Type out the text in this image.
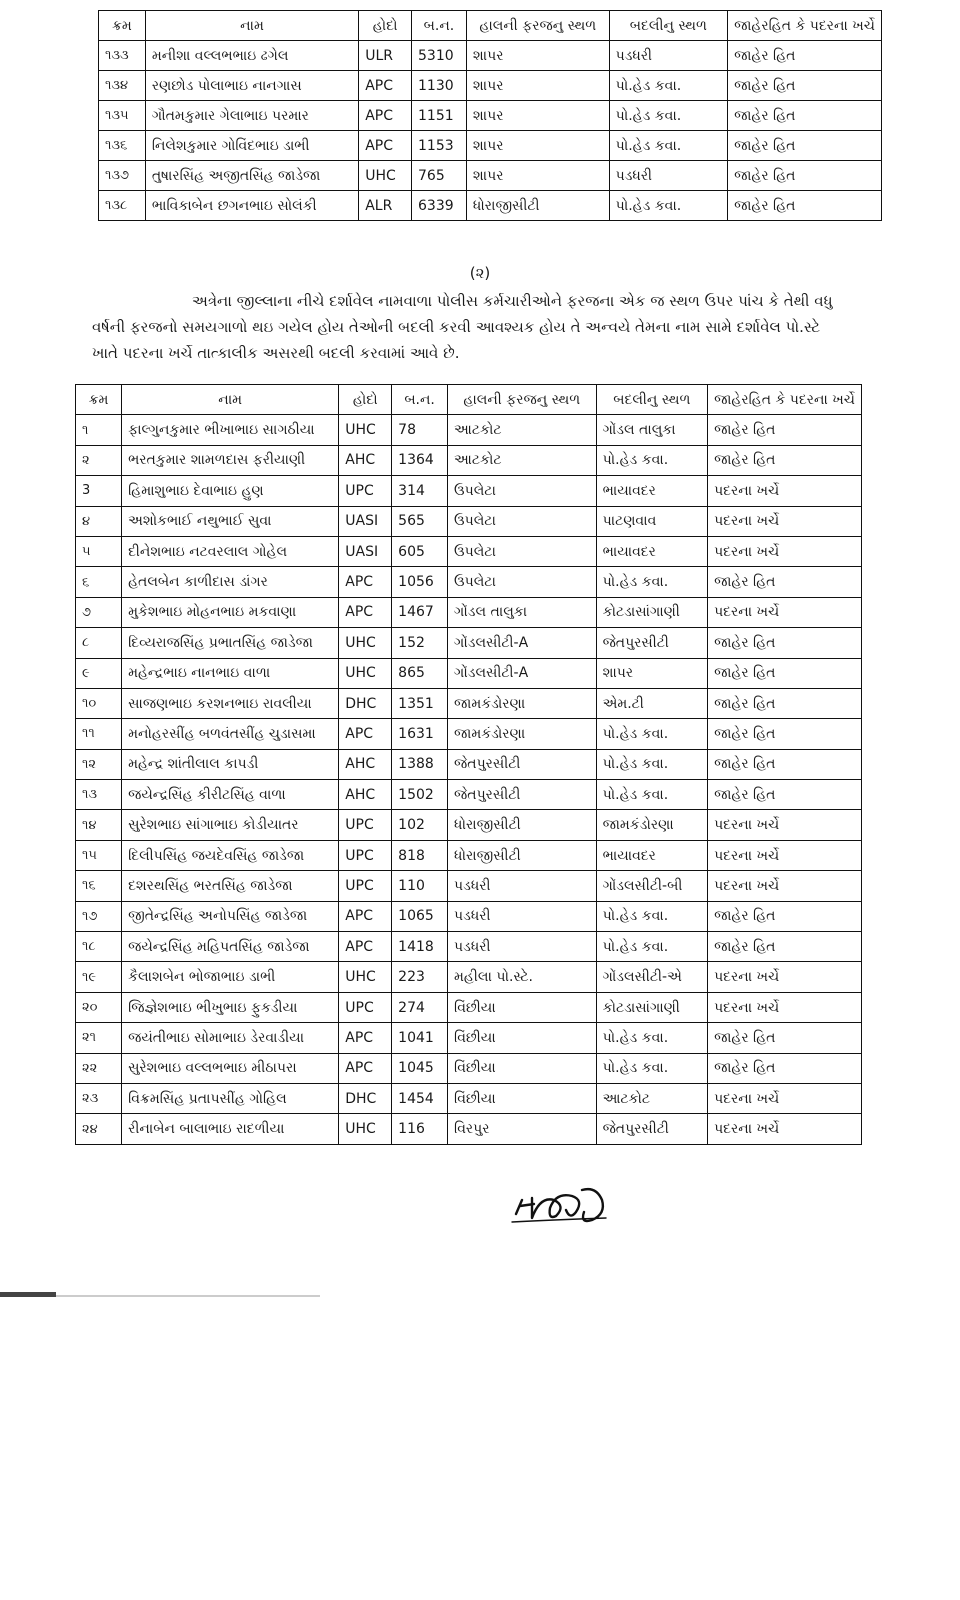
ક્રમ	નામ	હોદો	બ.ન.	હાલની ફરજનુ સ્થળ	બદલીનુ સ્થળ	જાહેરહિત કે પદરના ખર્ચે
૧૩૩	મનીશા વલ્લભભાઇ ઢગેલ	ULR	5310	શાપર	પડધરી	જાહેર હિત
૧૩૪	રણછોડ પોલાભાઇ નાનગાસ	APC	1130	શાપર	પો.હેડ કવા.	જાહેર હિત
૧૩૫	ગૌતમકુમાર ગેલાભાઇ પરમાર	APC	1151	શાપર	પો.હેડ કવા.	જાહેર હિત
૧૩૬	નિલેશકુમાર ગોવિંદભાઇ ડાભી	APC	1153	શાપર	પો.હેડ કવા.	જાહેર હિત
૧૩૭	તુષારસિંહ અજીતસિંહ જાડેજા	UHC	765	શાપર	પડધરી	જાહેર હિત
૧૩૮	ભાવિકાબેન છગનભાઇ સોલંકી	ALR	6339	ધોરાજીસીટી	પો.હેડ કવા.	જાહેર હિત
(૨)

અત્રેના જીલ્લાના નીચે દર્શાવેલ નામવાળા પોલીસ કર્મચારીઓને ફરજના એક જ સ્થળ ઉપર પાંચ કે તેથી વધુ

વર્ષની ફરજનો સમયગાળો થઇ ગયેલ હોય તેઓની બદલી કરવી આવશ્યક હોય તે અન્વયે તેમના નામ સામે દર્શાવેલ પો.સ્ટે

ખાતે પદરના ખર્ચે તાત્કાલીક અસરથી બદલી કરવામાં આવે છે.

ક્રમ	નામ	હોદો	બ.ન.	હાલની ફરજનુ સ્થળ	બદલીનુ સ્થળ	જાહેરહિત કે પદરના ખર્ચે
૧	ફાલ્ગુનકુમાર ભીખાભાઇ સાગઠીયા	UHC	78	આટકોટ	ગોંડલ તાલુકા	જાહેર હિત
૨	ભરતકુમાર શામળદાસ ફરીયાણી	AHC	1364	આટકોટ	પો.હેડ કવા.	જાહેર હિત
3	હિમાશુભાઇ દેવાભાઇ હુણ	UPC	314	ઉપલેટા	ભાયાવદર	પદરના ખર્ચે
૪	અશોકભાઈ નથુભાઈ સુવા	UASI	565	ઉપલેટા	પાટણવાવ	પદરના ખર્ચે
૫	દીનેશભાઇ નટવરલાલ ગોહેલ	UASI	605	ઉપલેટા	ભાયાવદર	પદરના ખર્ચે
૬	હેતલબેન કાળીદાસ ડાંગર	APC	1056	ઉપલેટા	પો.હેડ કવા.	જાહેર હિત
૭	મુકેશભાઇ મોહનભાઇ મકવાણા	APC	1467	ગોંડલ તાલુકા	કોટડાસાંગાણી	પદરના ખર્ચે
૮	દિવ્યરાજસિંહ પ્રભાતસિંહ જાડેજા	UHC	152	ગોંડલસીટી-A	જેતપુરસીટી	જાહેર હિત
૯	મહેન્દ્રભાઇ નાનભાઇ વાળા	UHC	865	ગોંડલસીટી-A	શાપર	જાહેર હિત
૧૦	સાજણભાઇ કરશનભાઇ રાવલીયા	DHC	1351	જામકંડોરણા	એમ.ટી	જાહેર હિત
૧૧	મનોહરસીંહ બળવંતસીંહ ચુડાસમા	APC	1631	જામકંડોરણા	પો.હેડ કવા.	જાહેર હિત
૧૨	મહેન્દ્ર શાંતીલાલ કાપડી	AHC	1388	જેતપુરસીટી	પો.હેડ કવા.	જાહેર હિત
૧૩	જયેન્દ્રસિંહ કીરીટસિંહ વાળા	AHC	1502	જેતપુરસીટી	પો.હેડ કવા.	જાહેર હિત
૧૪	સુરેશભાઇ સાંગાભાઇ કોડીયાતર	UPC	102	ધોરાજીસીટી	જામકંડોરણા	પદરના ખર્ચે
૧૫	દિલીપસિંહ જયદેવસિંહ જાડેજા	UPC	818	ધોરાજીસીટી	ભાયાવદર	પદરના ખર્ચે
૧૬	દશરથસિંહ ભરતસિંહ જાડેજા	UPC	110	પડધરી	ગોંડલસીટી-બી	પદરના ખર્ચે
૧૭	જીતેન્દ્રસિંહ અનોપસિંહ જાડેજા	APC	1065	પડધરી	પો.હેડ કવા.	જાહેર હિત
૧૮	જયેન્દ્રસિંહ મહિપતસિંહ જાડેજા	APC	1418	પડધરી	પો.હેડ કવા.	જાહેર હિત
૧૯	કૈલાશબેન ભોજાભાઇ ડાભી	UHC	223	મહીલા પો.સ્ટે.	ગોંડલસીટી-એ	પદરના ખર્ચે
૨૦	જિજ્ઞેશભાઇ ભીખુભાઇ ફુકડીયા	UPC	274	વિંછીયા	કોટડાસાંગાણી	પદરના ખર્ચે
૨૧	જયંતીભાઇ સોમાભાઇ ડેરવાડીયા	APC	1041	વિંછીયા	પો.હેડ કવા.	જાહેર હિત
૨૨	સુરેશભાઇ વલ્લભભાઇ મીઠાપરા	APC	1045	વિંછીયા	પો.હેડ કવા.	જાહેર હિત
૨૩	વિક્રમસિંહ પ્રતાપસીંહ ગોહિલ	DHC	1454	વિંછીયા	આટકોટ	પદરના ખર્ચે
૨૪	રીનાબેન બાલાભાઇ રાદળીયા	UHC	116	વિરપુર	જેતપુરસીટી	પદરના ખર્ચે
